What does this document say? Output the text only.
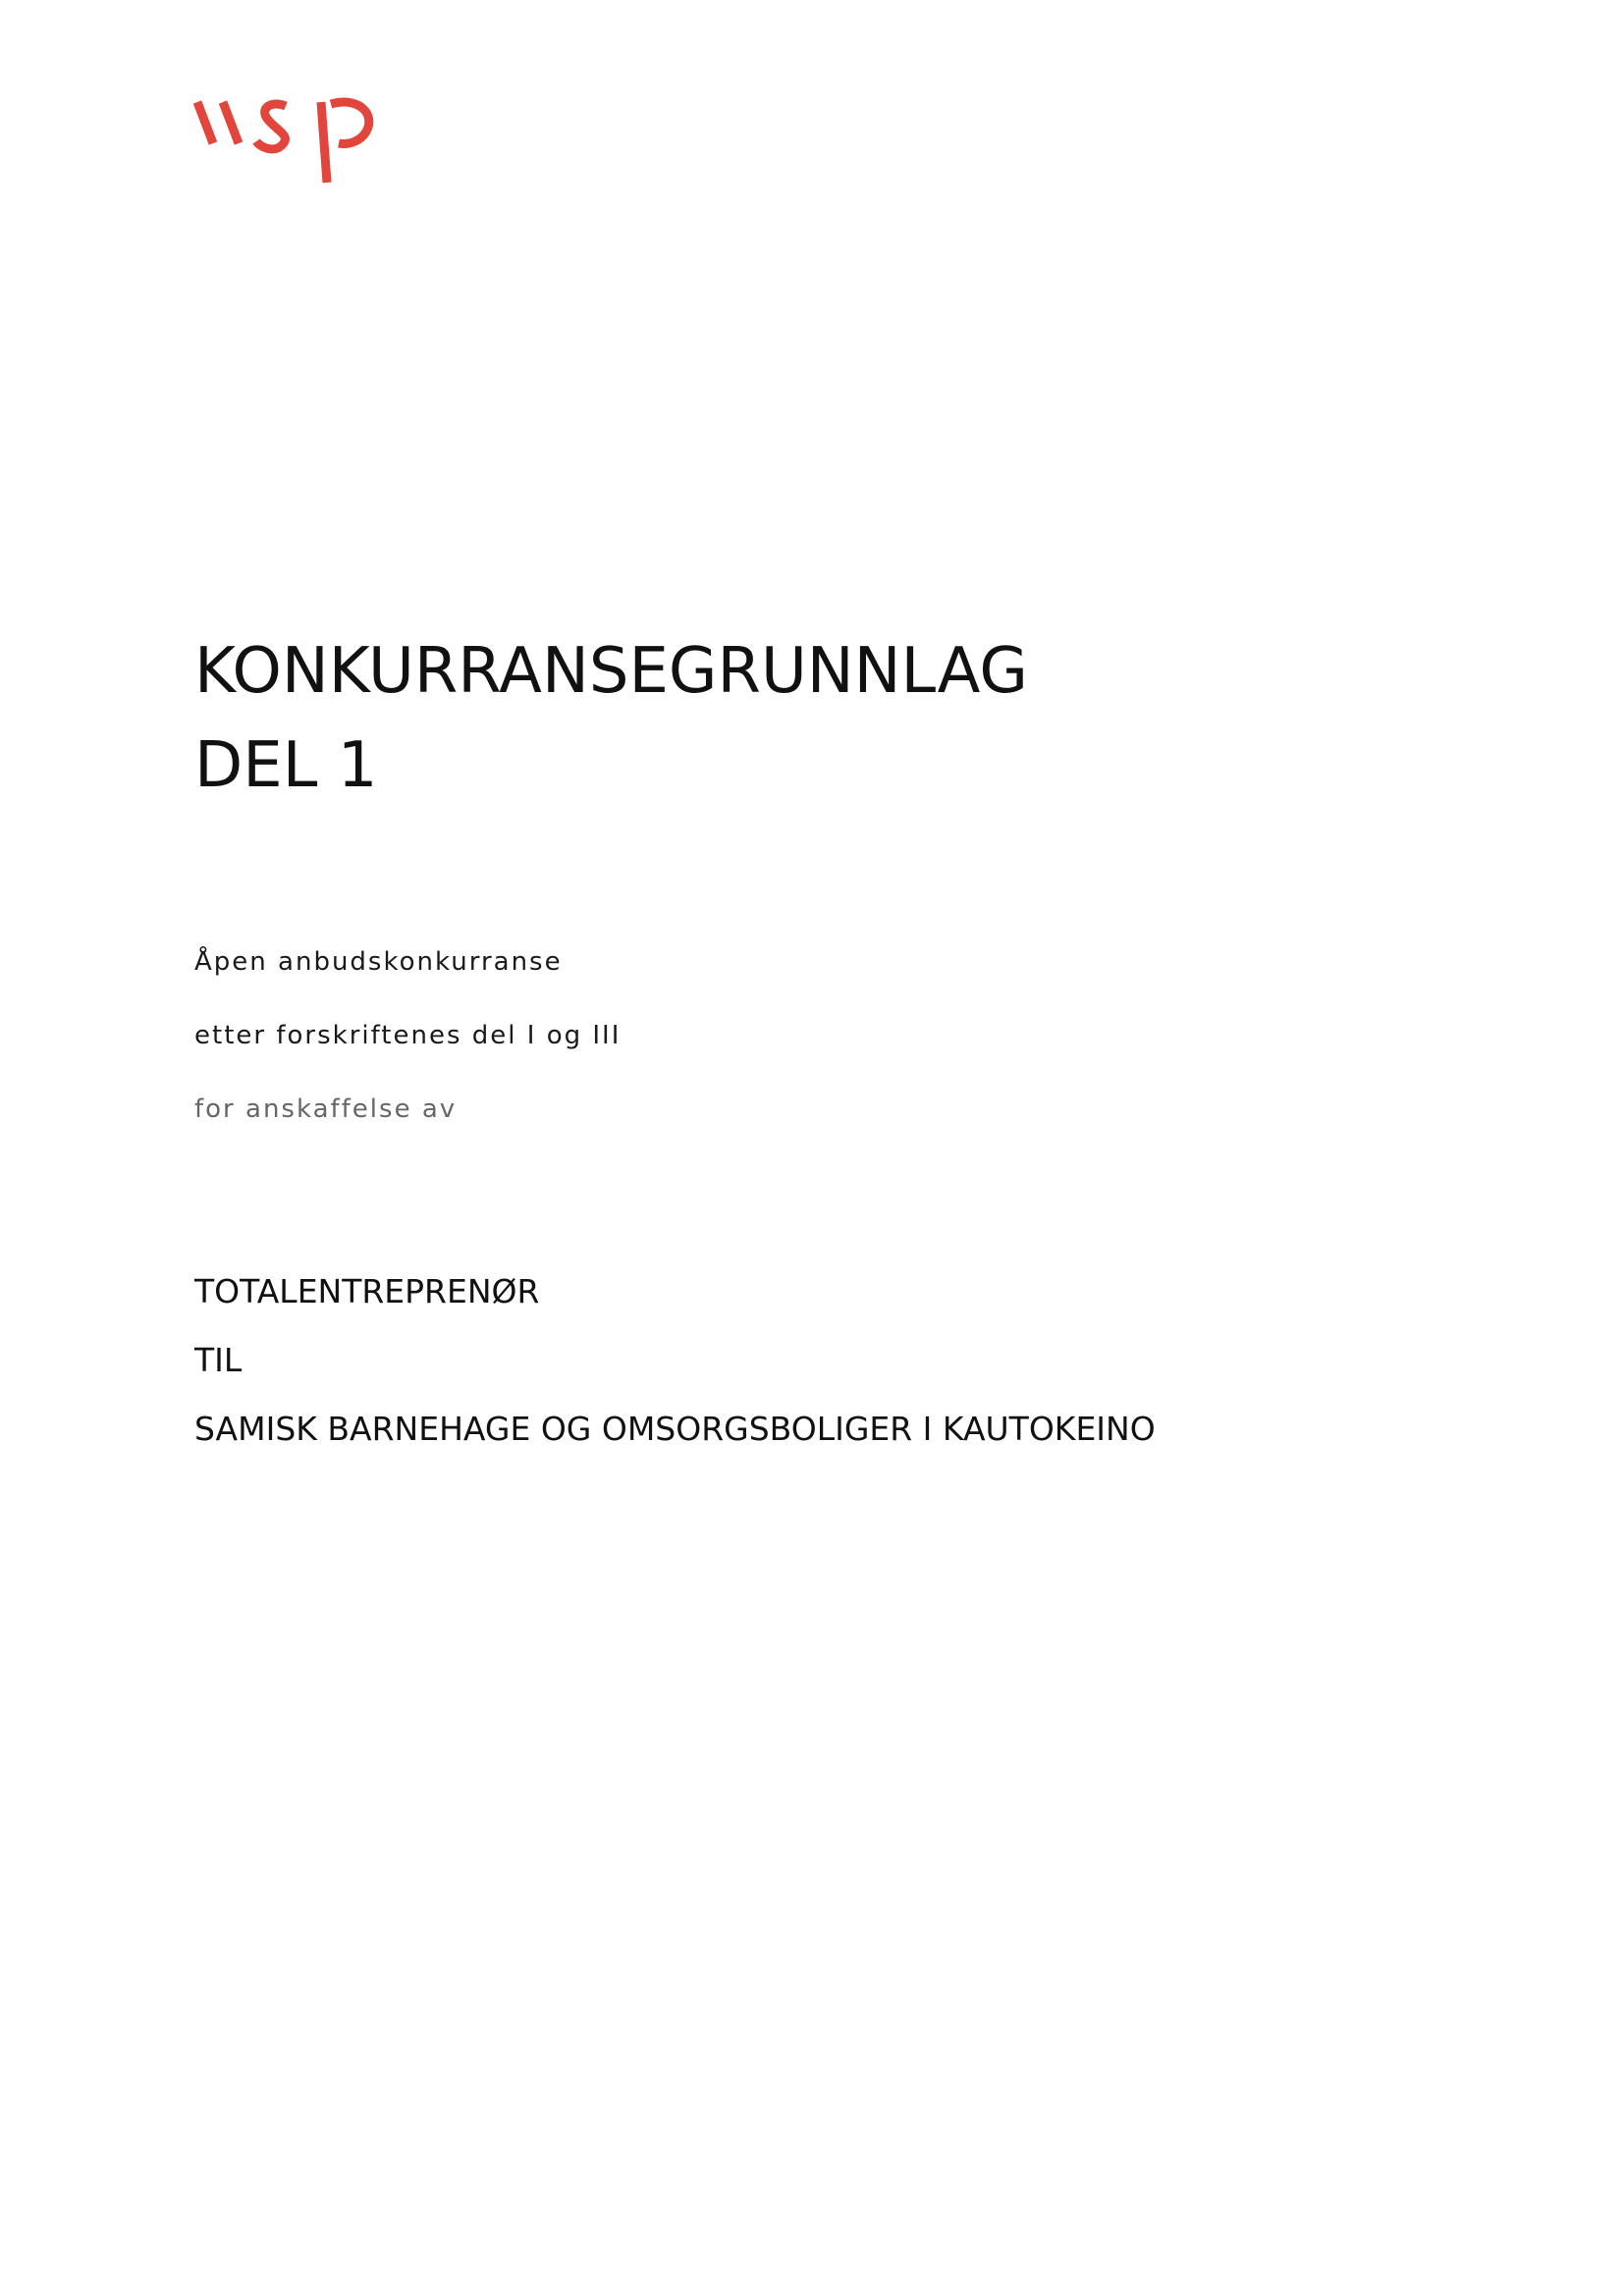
KONKURRANSEGRUNNLAG
DEL 1
Åpen anbudskonkurranse
etter forskriftenes del I og III
for anskaffelse av
TOTALENTREPRENØR
TIL
SAMISK BARNEHAGE OG OMSORGSBOLIGER I KAUTOKEINO
